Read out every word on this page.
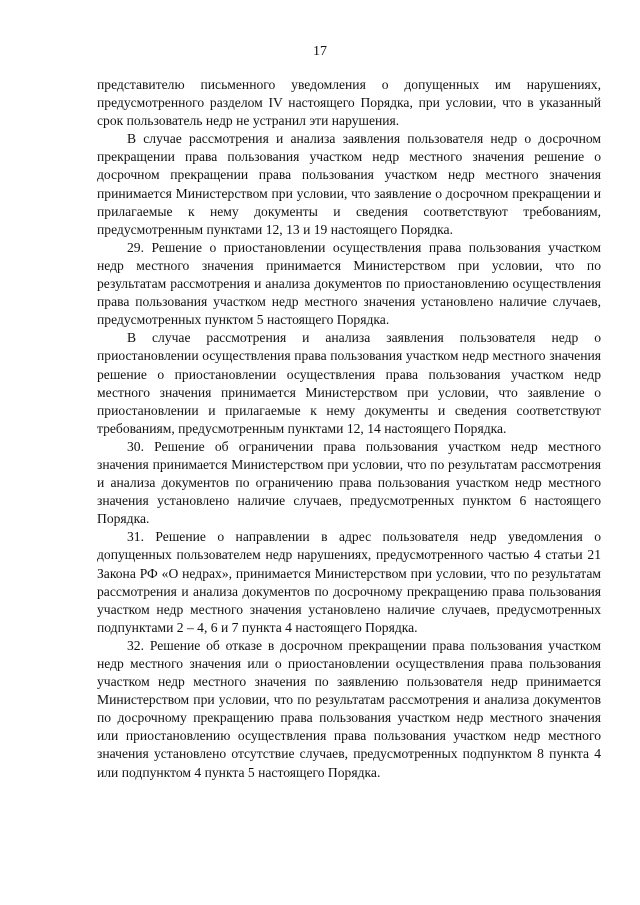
17

представителю письменного уведомления о допущенных им нарушениях, предусмотренного разделом IV настоящего Порядка, при условии, что в указанный срок пользователь недр не устранил эти нарушения.

В случае рассмотрения и анализа заявления пользователя недр о досрочном прекращении права пользования участком недр местного значения решение о досрочном прекращении права пользования участком недр местного значения принимается Министерством при условии, что заявление о досрочном прекращении и прилагаемые к нему документы и сведения соответствуют требованиям, предусмотренным пунктами 12, 13 и 19 настоящего Порядка.

29. Решение о приостановлении осуществления права пользования участком недр местного значения принимается Министерством при условии, что по результатам рассмотрения и анализа документов по приостановлению осуществления права пользования участком недр местного значения установлено наличие случаев, предусмотренных пунктом 5 настоящего Порядка.

В случае рассмотрения и анализа заявления пользователя недр о приостановлении осуществления права пользования участком недр местного значения решение о приостановлении осуществления права пользования участком недр местного значения принимается Министерством при условии, что заявление о приостановлении и прилагаемые к нему документы и сведения соответствуют требованиям, предусмотренным пунктами 12, 14 настоящего Порядка.

30. Решение об ограничении права пользования участком недр местного значения принимается Министерством при условии, что по результатам рассмотрения и анализа документов по ограничению права пользования участком недр местного значения установлено наличие случаев, предусмотренных пунктом 6 настоящего Порядка.

31. Решение о направлении в адрес пользователя недр уведомления о допущенных пользователем недр нарушениях, предусмотренного частью 4 статьи 21 Закона РФ «О недрах», принимается Министерством при условии, что по результатам рассмотрения и анализа документов по досрочному прекращению права пользования участком недр местного значения установлено наличие случаев, предусмотренных подпунктами 2 – 4, 6 и 7 пункта 4 настоящего Порядка.

32. Решение об отказе в досрочном прекращении права пользования участком недр местного значения или о приостановлении осуществления права пользования участком недр местного значения по заявлению пользователя недр принимается Министерством при условии, что по результатам рассмотрения и анализа документов по досрочному прекращению права пользования участком недр местного значения или приостановлению осуществления права пользования участком недр местного значения установлено отсутствие случаев, предусмотренных подпунктом 8 пункта 4 или подпунктом 4 пункта 5 настоящего Порядка.
